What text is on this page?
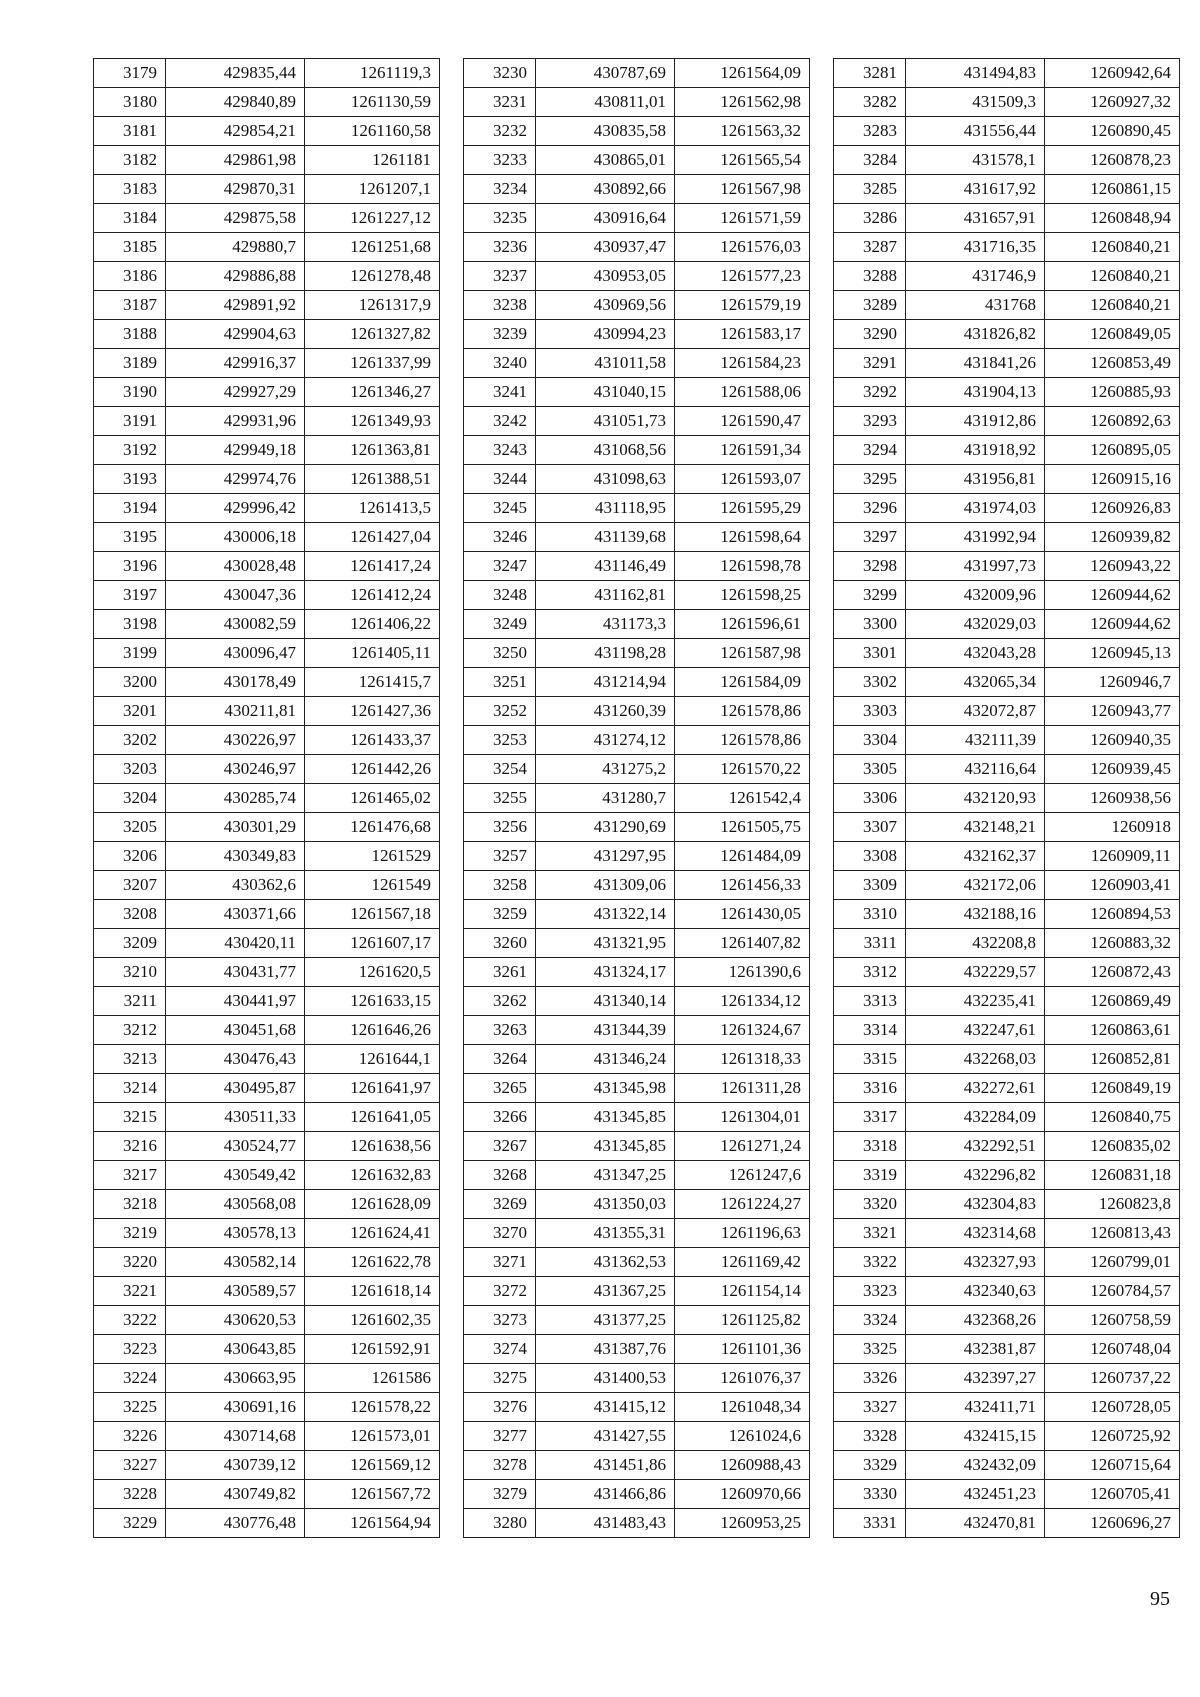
3179	429835,44	1261119,3
3180	429840,89	1261130,59
3181	429854,21	1261160,58
3182	429861,98	1261181
3183	429870,31	1261207,1
3184	429875,58	1261227,12
3185	429880,7	1261251,68
3186	429886,88	1261278,48
3187	429891,92	1261317,9
3188	429904,63	1261327,82
3189	429916,37	1261337,99
3190	429927,29	1261346,27
3191	429931,96	1261349,93
3192	429949,18	1261363,81
3193	429974,76	1261388,51
3194	429996,42	1261413,5
3195	430006,18	1261427,04
3196	430028,48	1261417,24
3197	430047,36	1261412,24
3198	430082,59	1261406,22
3199	430096,47	1261405,11
3200	430178,49	1261415,7
3201	430211,81	1261427,36
3202	430226,97	1261433,37
3203	430246,97	1261442,26
3204	430285,74	1261465,02
3205	430301,29	1261476,68
3206	430349,83	1261529
3207	430362,6	1261549
3208	430371,66	1261567,18
3209	430420,11	1261607,17
3210	430431,77	1261620,5
3211	430441,97	1261633,15
3212	430451,68	1261646,26
3213	430476,43	1261644,1
3214	430495,87	1261641,97
3215	430511,33	1261641,05
3216	430524,77	1261638,56
3217	430549,42	1261632,83
3218	430568,08	1261628,09
3219	430578,13	1261624,41
3220	430582,14	1261622,78
3221	430589,57	1261618,14
3222	430620,53	1261602,35
3223	430643,85	1261592,91
3224	430663,95	1261586
3225	430691,16	1261578,22
3226	430714,68	1261573,01
3227	430739,12	1261569,12
3228	430749,82	1261567,72
3229	430776,48	1261564,94
3230	430787,69	1261564,09
3231	430811,01	1261562,98
3232	430835,58	1261563,32
3233	430865,01	1261565,54
3234	430892,66	1261567,98
3235	430916,64	1261571,59
3236	430937,47	1261576,03
3237	430953,05	1261577,23
3238	430969,56	1261579,19
3239	430994,23	1261583,17
3240	431011,58	1261584,23
3241	431040,15	1261588,06
3242	431051,73	1261590,47
3243	431068,56	1261591,34
3244	431098,63	1261593,07
3245	431118,95	1261595,29
3246	431139,68	1261598,64
3247	431146,49	1261598,78
3248	431162,81	1261598,25
3249	431173,3	1261596,61
3250	431198,28	1261587,98
3251	431214,94	1261584,09
3252	431260,39	1261578,86
3253	431274,12	1261578,86
3254	431275,2	1261570,22
3255	431280,7	1261542,4
3256	431290,69	1261505,75
3257	431297,95	1261484,09
3258	431309,06	1261456,33
3259	431322,14	1261430,05
3260	431321,95	1261407,82
3261	431324,17	1261390,6
3262	431340,14	1261334,12
3263	431344,39	1261324,67
3264	431346,24	1261318,33
3265	431345,98	1261311,28
3266	431345,85	1261304,01
3267	431345,85	1261271,24
3268	431347,25	1261247,6
3269	431350,03	1261224,27
3270	431355,31	1261196,63
3271	431362,53	1261169,42
3272	431367,25	1261154,14
3273	431377,25	1261125,82
3274	431387,76	1261101,36
3275	431400,53	1261076,37
3276	431415,12	1261048,34
3277	431427,55	1261024,6
3278	431451,86	1260988,43
3279	431466,86	1260970,66
3280	431483,43	1260953,25
3281	431494,83	1260942,64
3282	431509,3	1260927,32
3283	431556,44	1260890,45
3284	431578,1	1260878,23
3285	431617,92	1260861,15
3286	431657,91	1260848,94
3287	431716,35	1260840,21
3288	431746,9	1260840,21
3289	431768	1260840,21
3290	431826,82	1260849,05
3291	431841,26	1260853,49
3292	431904,13	1260885,93
3293	431912,86	1260892,63
3294	431918,92	1260895,05
3295	431956,81	1260915,16
3296	431974,03	1260926,83
3297	431992,94	1260939,82
3298	431997,73	1260943,22
3299	432009,96	1260944,62
3300	432029,03	1260944,62
3301	432043,28	1260945,13
3302	432065,34	1260946,7
3303	432072,87	1260943,77
3304	432111,39	1260940,35
3305	432116,64	1260939,45
3306	432120,93	1260938,56
3307	432148,21	1260918
3308	432162,37	1260909,11
3309	432172,06	1260903,41
3310	432188,16	1260894,53
3311	432208,8	1260883,32
3312	432229,57	1260872,43
3313	432235,41	1260869,49
3314	432247,61	1260863,61
3315	432268,03	1260852,81
3316	432272,61	1260849,19
3317	432284,09	1260840,75
3318	432292,51	1260835,02
3319	432296,82	1260831,18
3320	432304,83	1260823,8
3321	432314,68	1260813,43
3322	432327,93	1260799,01
3323	432340,63	1260784,57
3324	432368,26	1260758,59
3325	432381,87	1260748,04
3326	432397,27	1260737,22
3327	432411,71	1260728,05
3328	432415,15	1260725,92
3329	432432,09	1260715,64
3330	432451,23	1260705,41
3331	432470,81	1260696,27
95
